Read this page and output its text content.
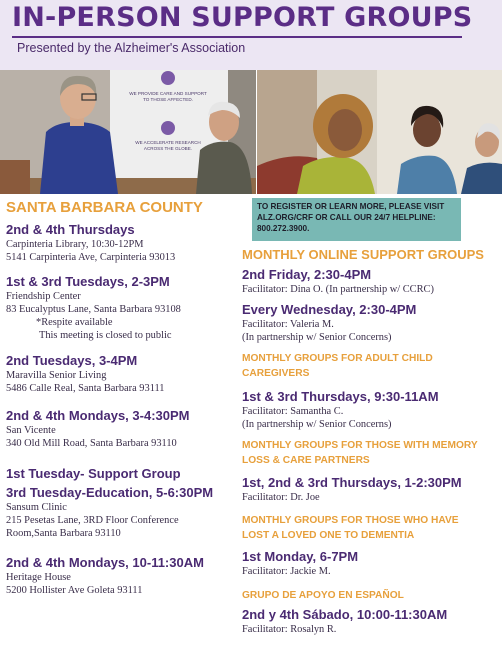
IN-PERSON SUPPORT GROUPS
Presented by the Alzheimer's Association
WE PROVIDE CARE AND SUPPORT
TO THOSE AFFECTED.
WE ACCELERATE RESEARCH
ACROSS THE GLOBE.
TO REGISTER OR LEARN MORE, PLEASE VISIT
ALZ.ORG/CRF OR CALL OUR 24/7 HELPLINE:
800.272.3900.
SANTA BARBARA COUNTY
2nd & 4th Thursdays
Carpinteria Library, 10:30-12PM
5141 Carpinteria Ave, Carpinteria 93013
1st & 3rd Tuesdays, 2-3PM
Friendship Center
83 Eucalyptus Lane, Santa Barbara 93108
*Respite available
This meeting is closed to public
2nd Tuesdays, 3-4PM
Maravilla Senior Living
5486 Calle Real, Santa Barbara 93111
2nd & 4th Mondays, 3-4:30PM
San Vicente
340 Old Mill Road, Santa Barbara 93110
1st Tuesday- Support Group
3rd Tuesday-Education, 5-6:30PM
Sansum Clinic
215 Pesetas Lane, 3RD Floor Conference
Room,Santa Barbara 93110
2nd & 4th Mondays, 10-11:30AM
Heritage House
5200 Hollister Ave Goleta 93111
MONTHLY ONLINE SUPPORT GROUPS
2nd Friday, 2:30-4PM
Facilitator: Dina O. (In partnership w/ CCRC)
Every Wednesday, 2:30-4PM
Facilitator: Valeria M.
(In partnership w/ Senior Concerns)
MONTHLY GROUPS FOR ADULT CHILD
CAREGIVERS
1st & 3rd Thursdays, 9:30-11AM
Facilitator: Samantha C.
(In partnership w/ Senior Concerns)
MONTHLY GROUPS FOR THOSE WITH MEMORY
LOSS & CARE PARTNERS
1st, 2nd & 3rd Thursdays, 1-2:30PM
Facilitator: Dr. Joe
MONTHLY GROUPS FOR THOSE WHO HAVE
LOST A LOVED ONE TO DEMENTIA
1st Monday, 6-7PM
Facilitator: Jackie M.
GRUPO DE APOYO EN ESPAÑOL
2nd y 4th Sábado, 10:00-11:30AM
Facilitator: Rosalyn R.
